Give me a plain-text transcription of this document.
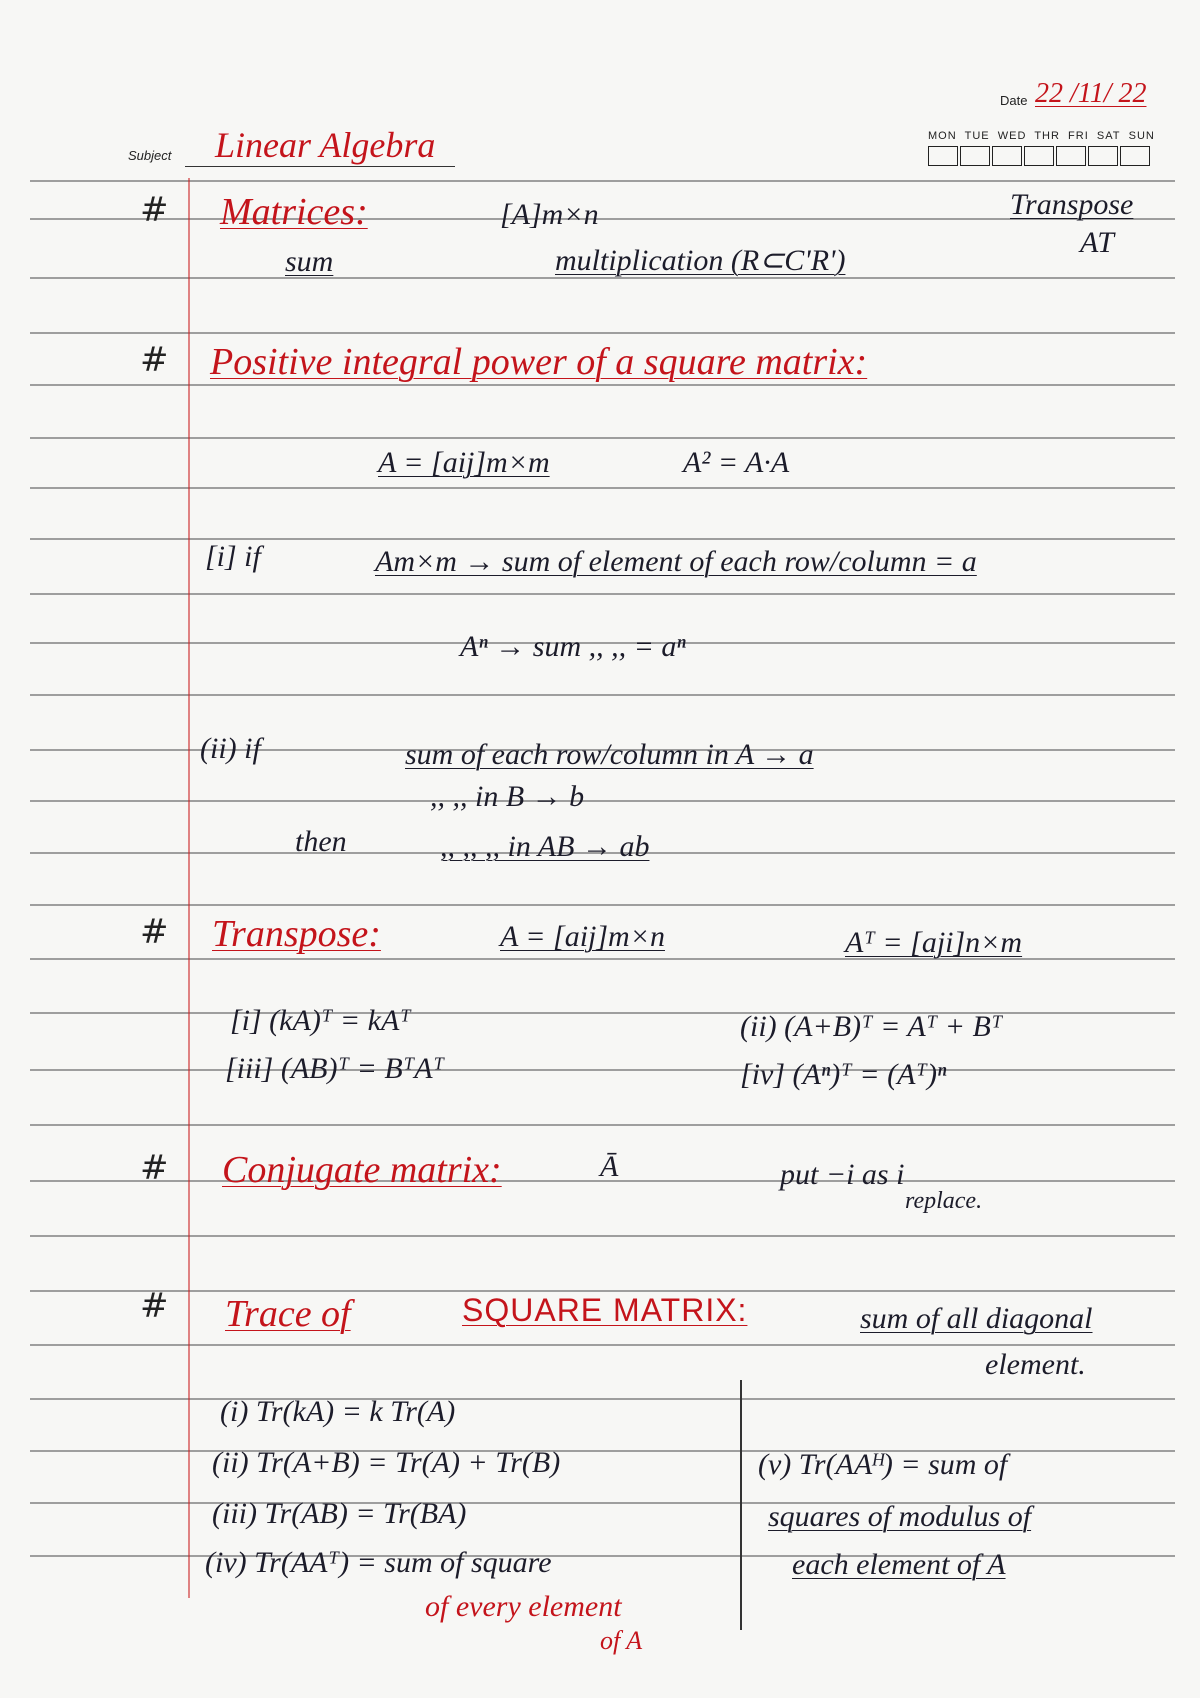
Date 22 /11/ 22
MON TUE WED THR FRI SAT SUN
Subject Linear Algebra
# Matrices:	[A]m×n	Transpose
AT
sum	multiplication (R⊂C'R')
# Positive integral power of a square matrix:
A = [aij]m×m	A² = A·A
[i] if	Am×m → sum of element of each row/column = a
Aⁿ → sum ,, ,, = aⁿ
(ii) if	sum of each row/column in A → a
,, ,, in B → b
then	,, ,, ,, in AB → ab
# Transpose:	A = [aij]m×n	Aᵀ = [aji]n×m
[i] (kA)ᵀ = kAᵀ	(ii) (A+B)ᵀ = Aᵀ + Bᵀ
[iii] (AB)ᵀ = BᵀAᵀ	[iv] (Aⁿ)ᵀ = (Aᵀ)ⁿ
# Conjugate matrix:	Ā	put −i as i
replace.
# Trace of	SQUARE MATRIX:	sum of all diagonal
element.
(i) Tr(kA) = k Tr(A)
(ii) Tr(A+B) = Tr(A) + Tr(B)
(iii) Tr(AB) = Tr(BA)
(iv) Tr(AAᵀ) = sum of square
of every element
of A
(v) Tr(AAᴴ) = sum of
squares of modulus of
each element of A
